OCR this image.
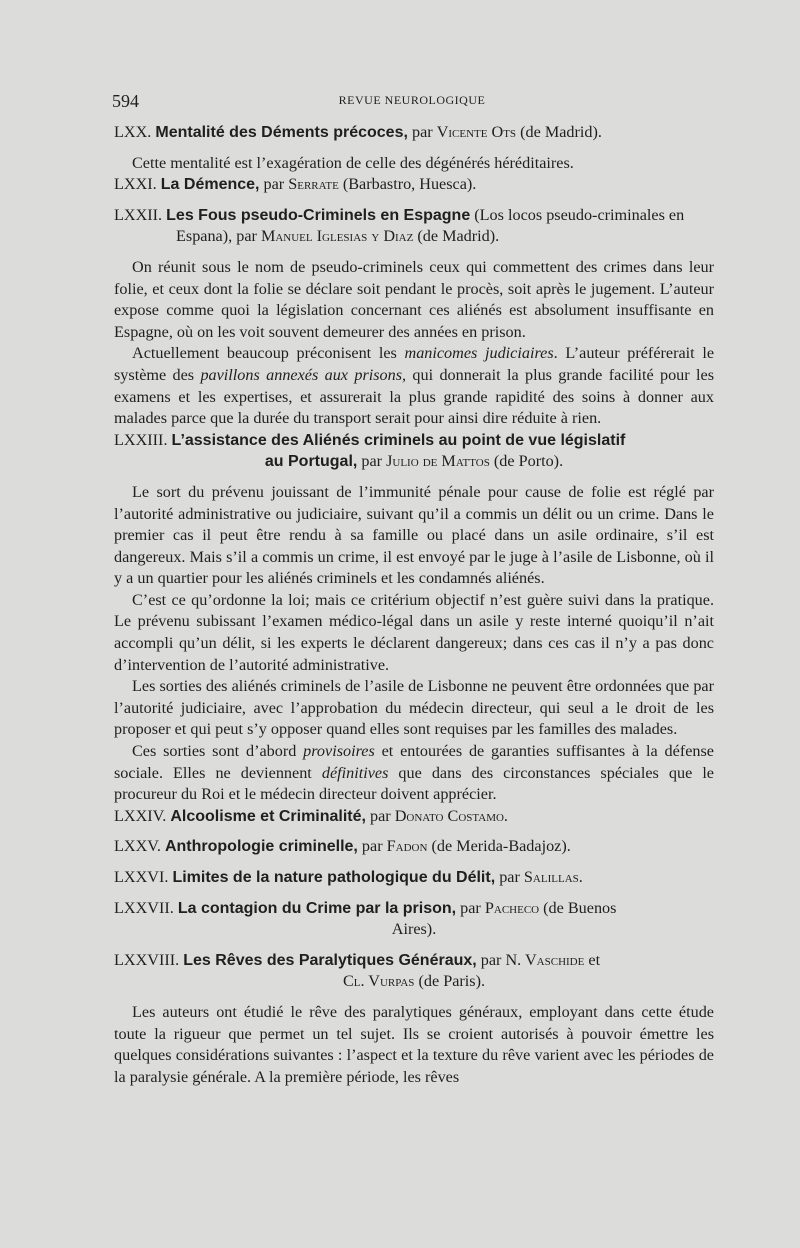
594	REVUE NEUROLOGIQUE
LXX. Mentalité des Déments précoces, par Vicente Ots (de Madrid).

Cette mentalité est l’exagération de celle des dégénérés héréditaires.

LXXI. La Démence, par Serrate (Barbastro, Huesca).
LXXII. Les Fous pseudo-Criminels en Espagne (Los locos pseudo-criminales en Espana), par Manuel Iglesias y Diaz (de Madrid).

On réunit sous le nom de pseudo-criminels ceux qui commettent des crimes dans leur folie, et ceux dont la folie se déclare soit pendant le procès, soit après le jugement. L’auteur expose comme quoi la législation concernant ces aliénés est absolument insuffisante en Espagne, où on les voit souvent demeurer des années en prison.

Actuellement beaucoup préconisent les manicomes judiciaires. L’auteur préférerait le système des pavillons annexés aux prisons, qui donnerait la plus grande facilité pour les examens et les expertises, et assurerait la plus grande rapidité des soins à donner aux malades parce que la durée du transport serait pour ainsi dire réduite à rien.

LXXIII. L’assistance des Aliénés criminels au point de vue législatif
au Portugal, par Julio de Mattos (de Porto).

Le sort du prévenu jouissant de l’immunité pénale pour cause de folie est réglé par l’autorité administrative ou judiciaire, suivant qu’il a commis un délit ou un crime. Dans le premier cas il peut être rendu à sa famille ou placé dans un asile ordinaire, s’il est dangereux. Mais s’il a commis un crime, il est envoyé par le juge à l’asile de Lisbonne, où il y a un quartier pour les aliénés criminels et les condamnés aliénés.

C’est ce qu’ordonne la loi; mais ce critérium objectif n’est guère suivi dans la pratique. Le prévenu subissant l’examen médico-légal dans un asile y reste interné quoiqu’il n’ait accompli qu’un délit, si les experts le déclarent dangereux; dans ces cas il n’y a pas donc d’intervention de l’autorité administrative.

Les sorties des aliénés criminels de l’asile de Lisbonne ne peuvent être ordonnées que par l’autorité judiciaire, avec l’approbation du médecin directeur, qui seul a le droit de les proposer et qui peut s’y opposer quand elles sont requises par les familles des malades.

Ces sorties sont d’abord provisoires et entourées de garanties suffisantes à la défense sociale. Elles ne deviennent définitives que dans des circonstances spéciales que le procureur du Roi et le médecin directeur doivent apprécier.

LXXIV. Alcoolisme et Criminalité, par Donato Costamo.
LXXV. Anthropologie criminelle, par Fadon (de Merida-Badajoz).
LXXVI. Limites de la nature pathologique du Délit, par Salillas.
LXXVII. La contagion du Crime par la prison, par Pacheco (de Buenos
Aires).
LXXVIII. Les Rêves des Paralytiques Généraux, par N. Vaschide et
Cl. Vurpas (de Paris).

Les auteurs ont étudié le rêve des paralytiques généraux, employant dans cette étude toute la rigueur que permet un tel sujet. Ils se croient autorisés à pouvoir émettre les quelques considérations suivantes : l’aspect et la texture du rêve varient avec les périodes de la paralysie générale. A la première période, les rêves
